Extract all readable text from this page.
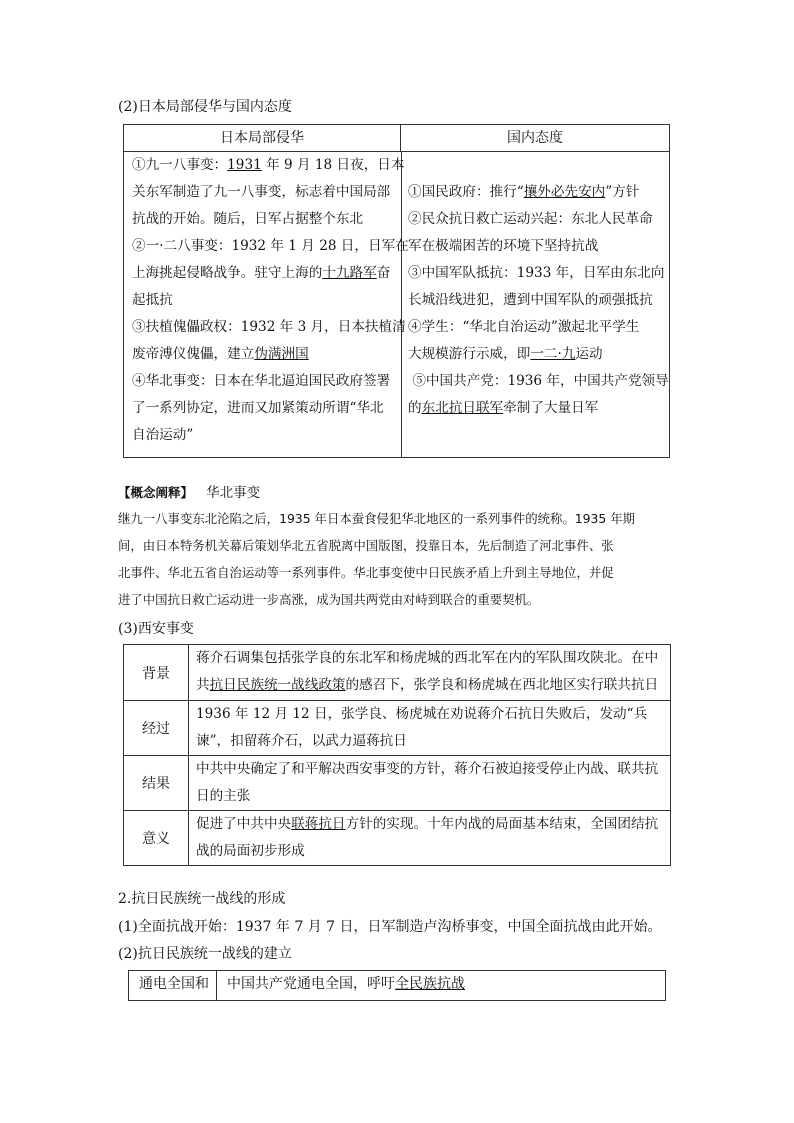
(2)日本局部侵华与国内态度
日本局部侵华	国内态度
①九一八事变：1931 年 9 月 18 日夜，日本
关东军制造了九一八事变，标志着中国局部
抗战的开始。随后，日军占据整个东北
②一·二八事变：1932 年 1 月 28 日，日军在
上海挑起侵略战争。驻守上海的十九路军奋
起抵抗
③扶植傀儡政权：1932 年 3 月，日本扶植清
废帝溥仪傀儡，建立伪满洲国
④华北事变：日本在华北逼迫国民政府签署
了一系列协定，进而又加紧策动所谓“华北
自治运动”
①国民政府：推行“攘外必先安内”方针
②民众抗日救亡运动兴起：东北人民革命
军在极端困苦的环境下坚持抗战
③中国军队抵抗：1933 年，日军由东北向
长城沿线进犯，遭到中国军队的顽强抵抗
④学生：“华北自治运动”激起北平学生
大规模游行示威，即一二·九运动
⑤中国共产党：1936 年，中国共产党领导
的东北抗日联军牵制了大量日军
【概念阐释】 华北事变
继九一八事变东北沦陷之后，1935 年日本蚕食侵犯华北地区的一系列事件的统称。1935 年期
间，由日本特务机关幕后策划华北五省脱离中国版图，投靠日本，先后制造了河北事件、张
北事件、华北五省自治运动等一系列事件。华北事变使中日民族矛盾上升到主导地位，并促
进了中国抗日救亡运动进一步高涨，成为国共两党由对峙到联合的重要契机。
(3)西安事变
背景
蒋介石调集包括张学良的东北军和杨虎城的西北军在内的军队围攻陕北。在中
共抗日民族统一战线政策的感召下，张学良和杨虎城在西北地区实行联共抗日
经过
1936 年 12 月 12 日，张学良、杨虎城在劝说蒋介石抗日失败后，发动“兵
谏”，扣留蒋介石，以武力逼蒋抗日
结果
中共中央确定了和平解决西安事变的方针，蒋介石被迫接受停止内战、联共抗
日的主张
意义
促进了中共中央联蒋抗日方针的实现。十年内战的局面基本结束，全国团结抗
战的局面初步形成
2.抗日民族统一战线的形成
(1)全面抗战开始：1937 年 7 月 7 日，日军制造卢沟桥事变，中国全面抗战由此开始。
(2)抗日民族统一战线的建立
通电全国和	中国共产党通电全国，呼吁全民族抗战
